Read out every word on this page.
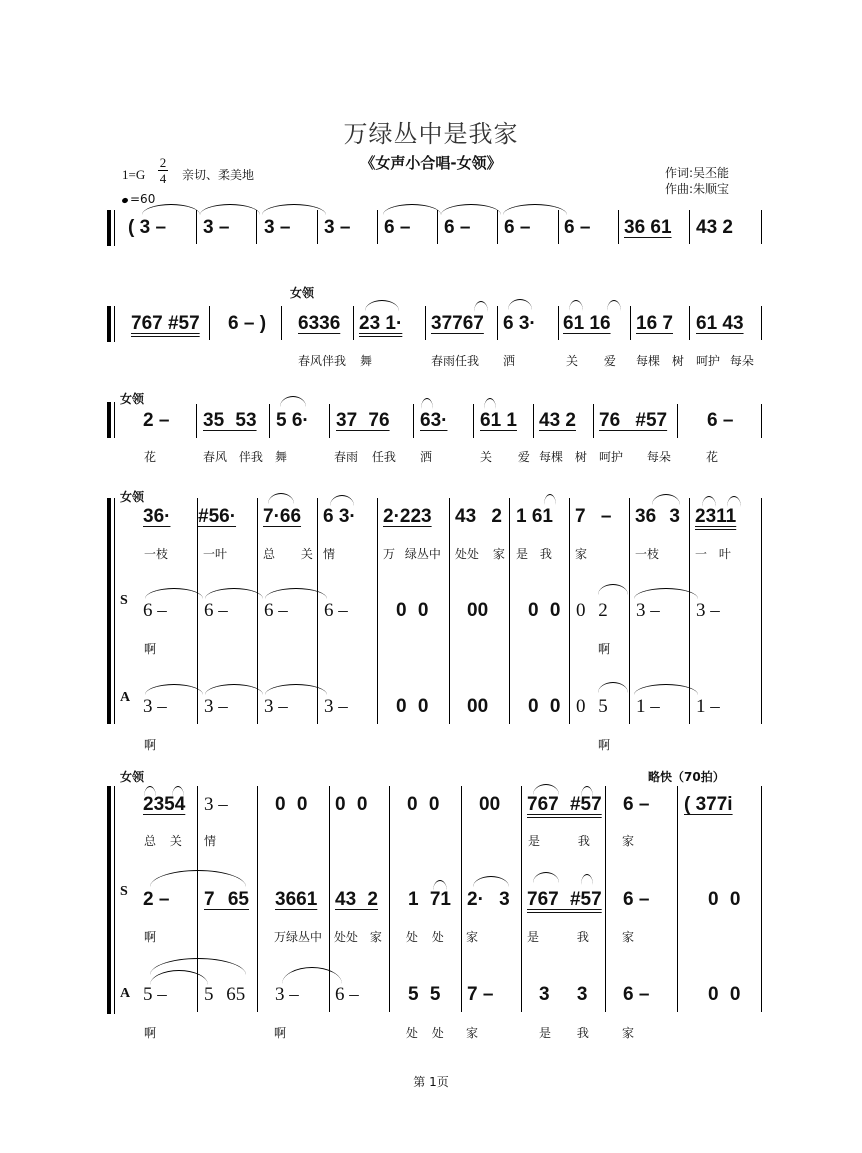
万绿丛中是我家
《女声小合唱-女领》
1=G
2
4 亲切、柔美地	作词:吴丕能
作曲:朱顺宝
=60
( 3 – 3 – 3 – 3 – 6 – 6 – 6 – 6 – 36 61 43 2
女领
767 #57 6 – ) 6336 23 1· 37767 6 3· 61 16 16 7 61 43
春风伴我 舞	春雨任我 洒	关 爱 每棵 树 呵护 每朵
女领
2 – 35 53 5 6· 37 76 63· 61 1 43 2 76 #57 6 –
花	春风 伴我 舞	春雨 任我 洒	关 爱 每棵 树 呵护 每朵	花
女领
36· #56· 7·66 6 3· 2·223 43 2 1 61 7 – 36 3 2311
一枝	一叶	总 关 情	万 绿丛中 处处 家 是 我 家	一枝	一 叶
S 6 – 6 – 6 – 6 –	0 0 00 0 0 0 2 3 – 3 –
啊	啊
A 3 – 3 – 3 – 3 –	0 0 00 0 0 0 5 1 – 1 –
啊	啊
女领	略快（70拍）
2354 3 – 0 0 0 0 0 0 00 767 #57 6 – ( 377i
总 关 情	是 我	家
S 2 – 7 65 3661 43 2 1 71 2· 3 767 #57 6 –	0 0
啊	万绿丛中 处处 家 处 处 家	是 我	家
A 5 – 5 65 3 – 6 –	5 5 7 – 3 3 6 –	0 0
啊	啊	处 处 家	是 我	家
第 1页
